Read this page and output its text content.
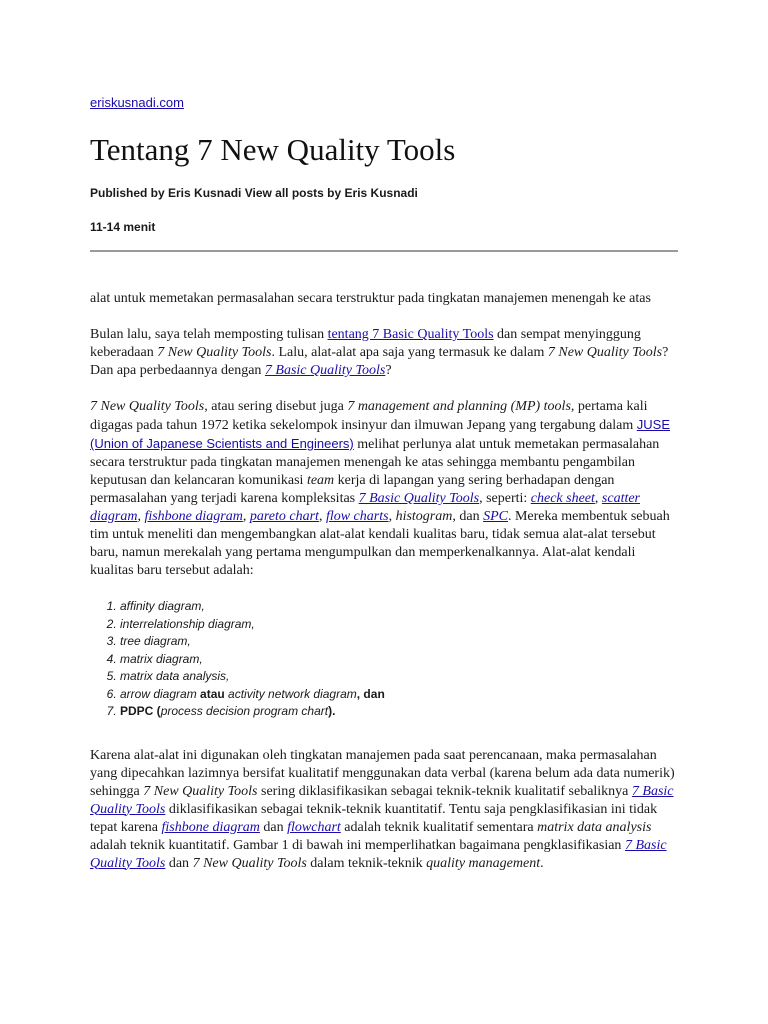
eriskusnadi.com
Tentang 7 New Quality Tools
Published by Eris Kusnadi View all posts by Eris Kusnadi
11-14 menit

alat untuk memetakan permasalahan secara terstruktur pada tingkatan manajemen menengah ke atas

Bulan lalu, saya telah memposting tulisan tentang 7 Basic Quality Tools dan sempat menyinggung keberadaan 7 New Quality Tools. Lalu, alat-alat apa saja yang termasuk ke dalam 7 New Quality Tools? Dan apa perbedaannya dengan 7 Basic Quality Tools?

7 New Quality Tools, atau sering disebut juga 7 management and planning (MP) tools, pertama kali digagas pada tahun 1972 ketika sekelompok insinyur dan ilmuwan Jepang yang tergabung dalam JUSE (Union of Japanese Scientists and Engineers) melihat perlunya alat untuk memetakan permasalahan secara terstruktur pada tingkatan manajemen menengah ke atas sehingga membantu pengambilan keputusan dan kelancaran komunikasi team kerja di lapangan yang sering berhadapan dengan permasalahan yang terjadi karena kompleksitas 7 Basic Quality Tools, seperti: check sheet, scatter diagram, fishbone diagram, pareto chart, flow charts, histogram, dan SPC. Mereka membentuk sebuah tim untuk meneliti dan mengembangkan alat-alat kendali kualitas baru, tidak semua alat-alat tersebut baru, namun merekalah yang pertama mengumpulkan dan memperkenalkannya. Alat-alat kendali kualitas baru tersebut adalah:

1. affinity diagram,
2. interrelationship diagram,
3. tree diagram,
4. matrix diagram,
5. matrix data analysis,
6. arrow diagram atau activity network diagram, dan
7. PDPC (process decision program chart).

Karena alat-alat ini digunakan oleh tingkatan manajemen pada saat perencanaan, maka permasalahan yang dipecahkan lazimnya bersifat kualitatif menggunakan data verbal (karena belum ada data numerik) sehingga 7 New Quality Tools sering diklasifikasikan sebagai teknik-teknik kualitatif sebaliknya 7 Basic Quality Tools diklasifikasikan sebagai teknik-teknik kuantitatif. Tentu saja pengklasifikasian ini tidak tepat karena fishbone diagram dan flowchart adalah teknik kualitatif sementara matrix data analysis adalah teknik kuantitatif. Gambar 1 di bawah ini memperlihatkan bagaimana pengklasifikasian 7 Basic Quality Tools dan 7 New Quality Tools dalam teknik-teknik quality management.
